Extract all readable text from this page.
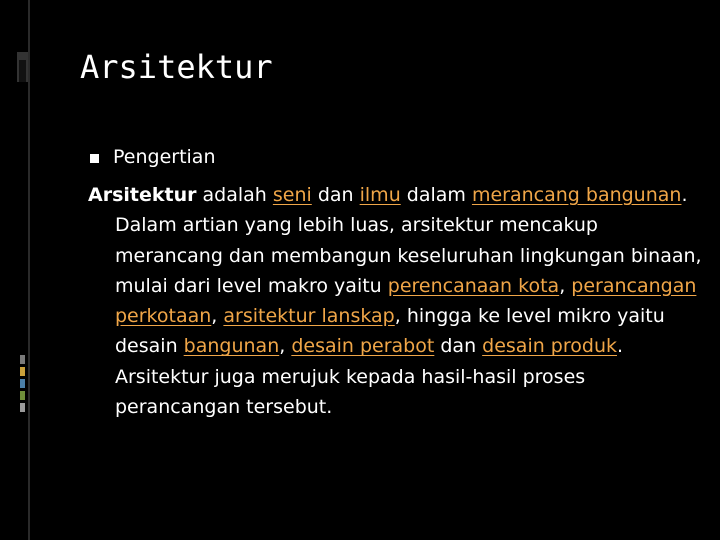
Arsitektur
Pengertian
Arsitektur adalah seni dan ilmu dalam merancang bangunan. Dalam artian yang lebih luas, arsitektur mencakup merancang dan membangun keseluruhan lingkungan binaan, mulai dari level makro yaitu perencanaan kota, perancangan perkotaan, arsitektur lanskap, hingga ke level mikro yaitu desain bangunan, desain perabot dan desain produk. Arsitektur juga merujuk kepada hasil-hasil proses perancangan tersebut.
